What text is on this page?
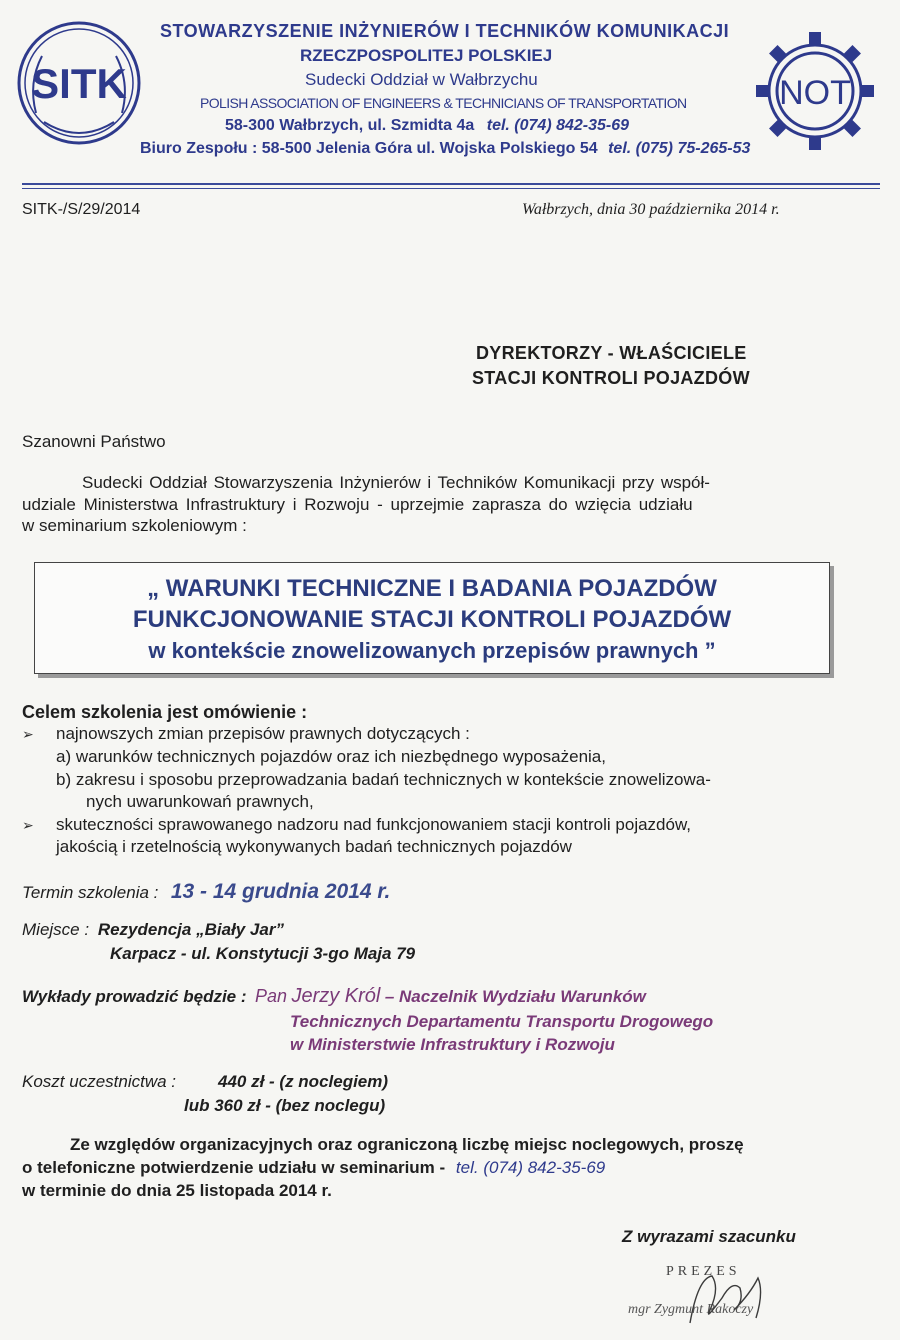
SITK
STOWARZYSZENIE INŻYNIERÓW I TECHNIKÓW KOMUNIKACJI
RZECZPOSPOLITEJ POLSKIEJ
Sudecki Oddział w Wałbrzychu
POLISH ASSOCIATION OF ENGINEERS & TECHNICIANS OF TRANSPORTATION
58-300 Wałbrzych, ul. Szmidta 4a tel. (074) 842-35-69
Biuro Zespołu : 58-500 Jelenia Góra ul. Wojska Polskiego 54 tel. (075) 75-265-53
NOT
SITK-/S/29/2014	Wałbrzych, dnia 30 października 2014 r.
DYREKTORZY - WŁAŚCICIELE
STACJI KONTROLI POJAZDÓW
Szanowni Państwo
Sudecki Oddział Stowarzyszenia Inżynierów i Techników Komunikacji przy współ-
udziale Ministerstwa Infrastruktury i Rozwoju - uprzejmie zaprasza do wzięcia udziału
w seminarium szkoleniowym :
„ WARUNKI TECHNICZNE I BADANIA POJAZDÓW
FUNKCJONOWANIE STACJI KONTROLI POJAZDÓW
w kontekście znowelizowanych przepisów prawnych ”
Celem szkolenia jest omówienie :
➢ najnowszych zmian przepisów prawnych dotyczących :
a) warunków technicznych pojazdów oraz ich niezbędnego wyposażenia,
b) zakresu i sposobu przeprowadzania badań technicznych w kontekście znowelizowa-
nych uwarunkowań prawnych,
➢ skuteczności sprawowanego nadzoru nad funkcjonowaniem stacji kontroli pojazdów,
jakością i rzetelnością wykonywanych badań technicznych pojazdów
Termin szkolenia : 13 - 14 grudnia 2014 r.
Miejsce : Rezydencja „Biały Jar”
Karpacz - ul. Konstytucji 3-go Maja 79
Wykłady prowadzić będzie : Pan Jerzy Król – Naczelnik Wydziału Warunków
Technicznych Departamentu Transportu Drogowego
w Ministerstwie Infrastruktury i Rozwoju
Koszt uczestnictwa : 440 zł - (z noclegiem)
lub 360 zł - (bez noclegu)
Ze względów organizacyjnych oraz ograniczoną liczbę miejsc noclegowych, proszę
o telefoniczne potwierdzenie udziału w seminarium - tel. (074) 842-35-69
w terminie do dnia 25 listopada 2014 r.
Z wyrazami szacunku
PREZES
mgr Zygmunt Rakoczy
